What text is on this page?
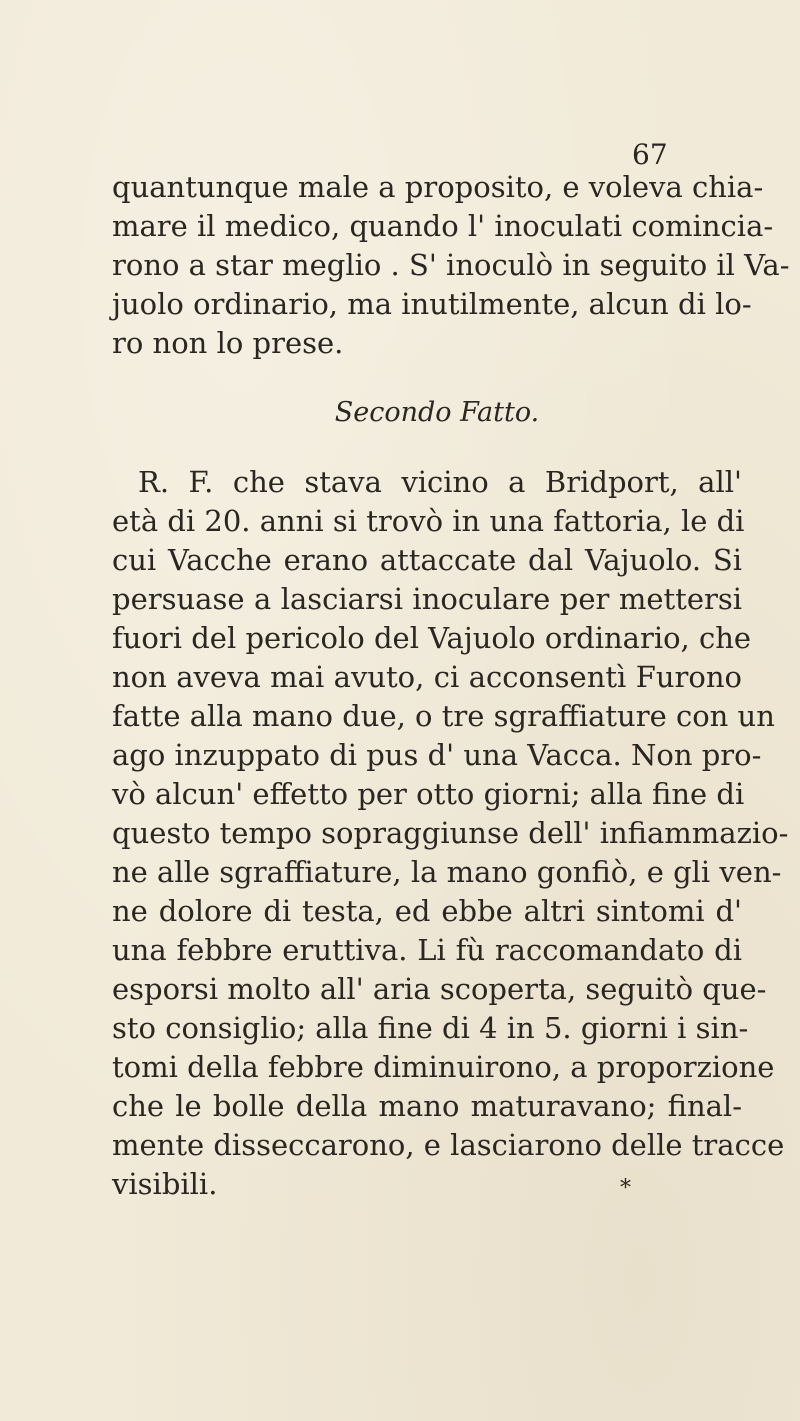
67
quantunque male a proposito, e voleva chia-
mare il medico, quando l' inoculati comincia-
rono a star meglio . S' inoculò in seguito il Va-
juolo ordinario, ma inutilmente, alcun di lo-
ro non lo prese.
Secondo Fatto.
R. F. che stava vicino a Bridport, all'
età di 20. anni si trovò in una fattoria, le di
cui Vacche erano attaccate dal Vajuolo. Si
persuase a lasciarsi inoculare per mettersi
fuori del pericolo del Vajuolo ordinario, che
non aveva mai avuto, ci acconsentì Furono
fatte alla mano due, o tre sgraffiature con un
ago inzuppato di pus d' una Vacca. Non pro-
vò alcun' effetto per otto giorni; alla fine di
questo tempo sopraggiunse dell' infiammazio-
ne alle sgraffiature, la mano gonfiò, e gli ven-
ne dolore di testa, ed ebbe altri sintomi d'
una febbre eruttiva. Li fù raccomandato di
esporsi molto all' aria scoperta, seguitò que-
sto consiglio; alla fine di 4 in 5. giorni i sin-
tomi della febbre diminuirono, a proporzione
che le bolle della mano maturavano; final-
mente disseccarono, e lasciarono delle tracce
visibili.	*
